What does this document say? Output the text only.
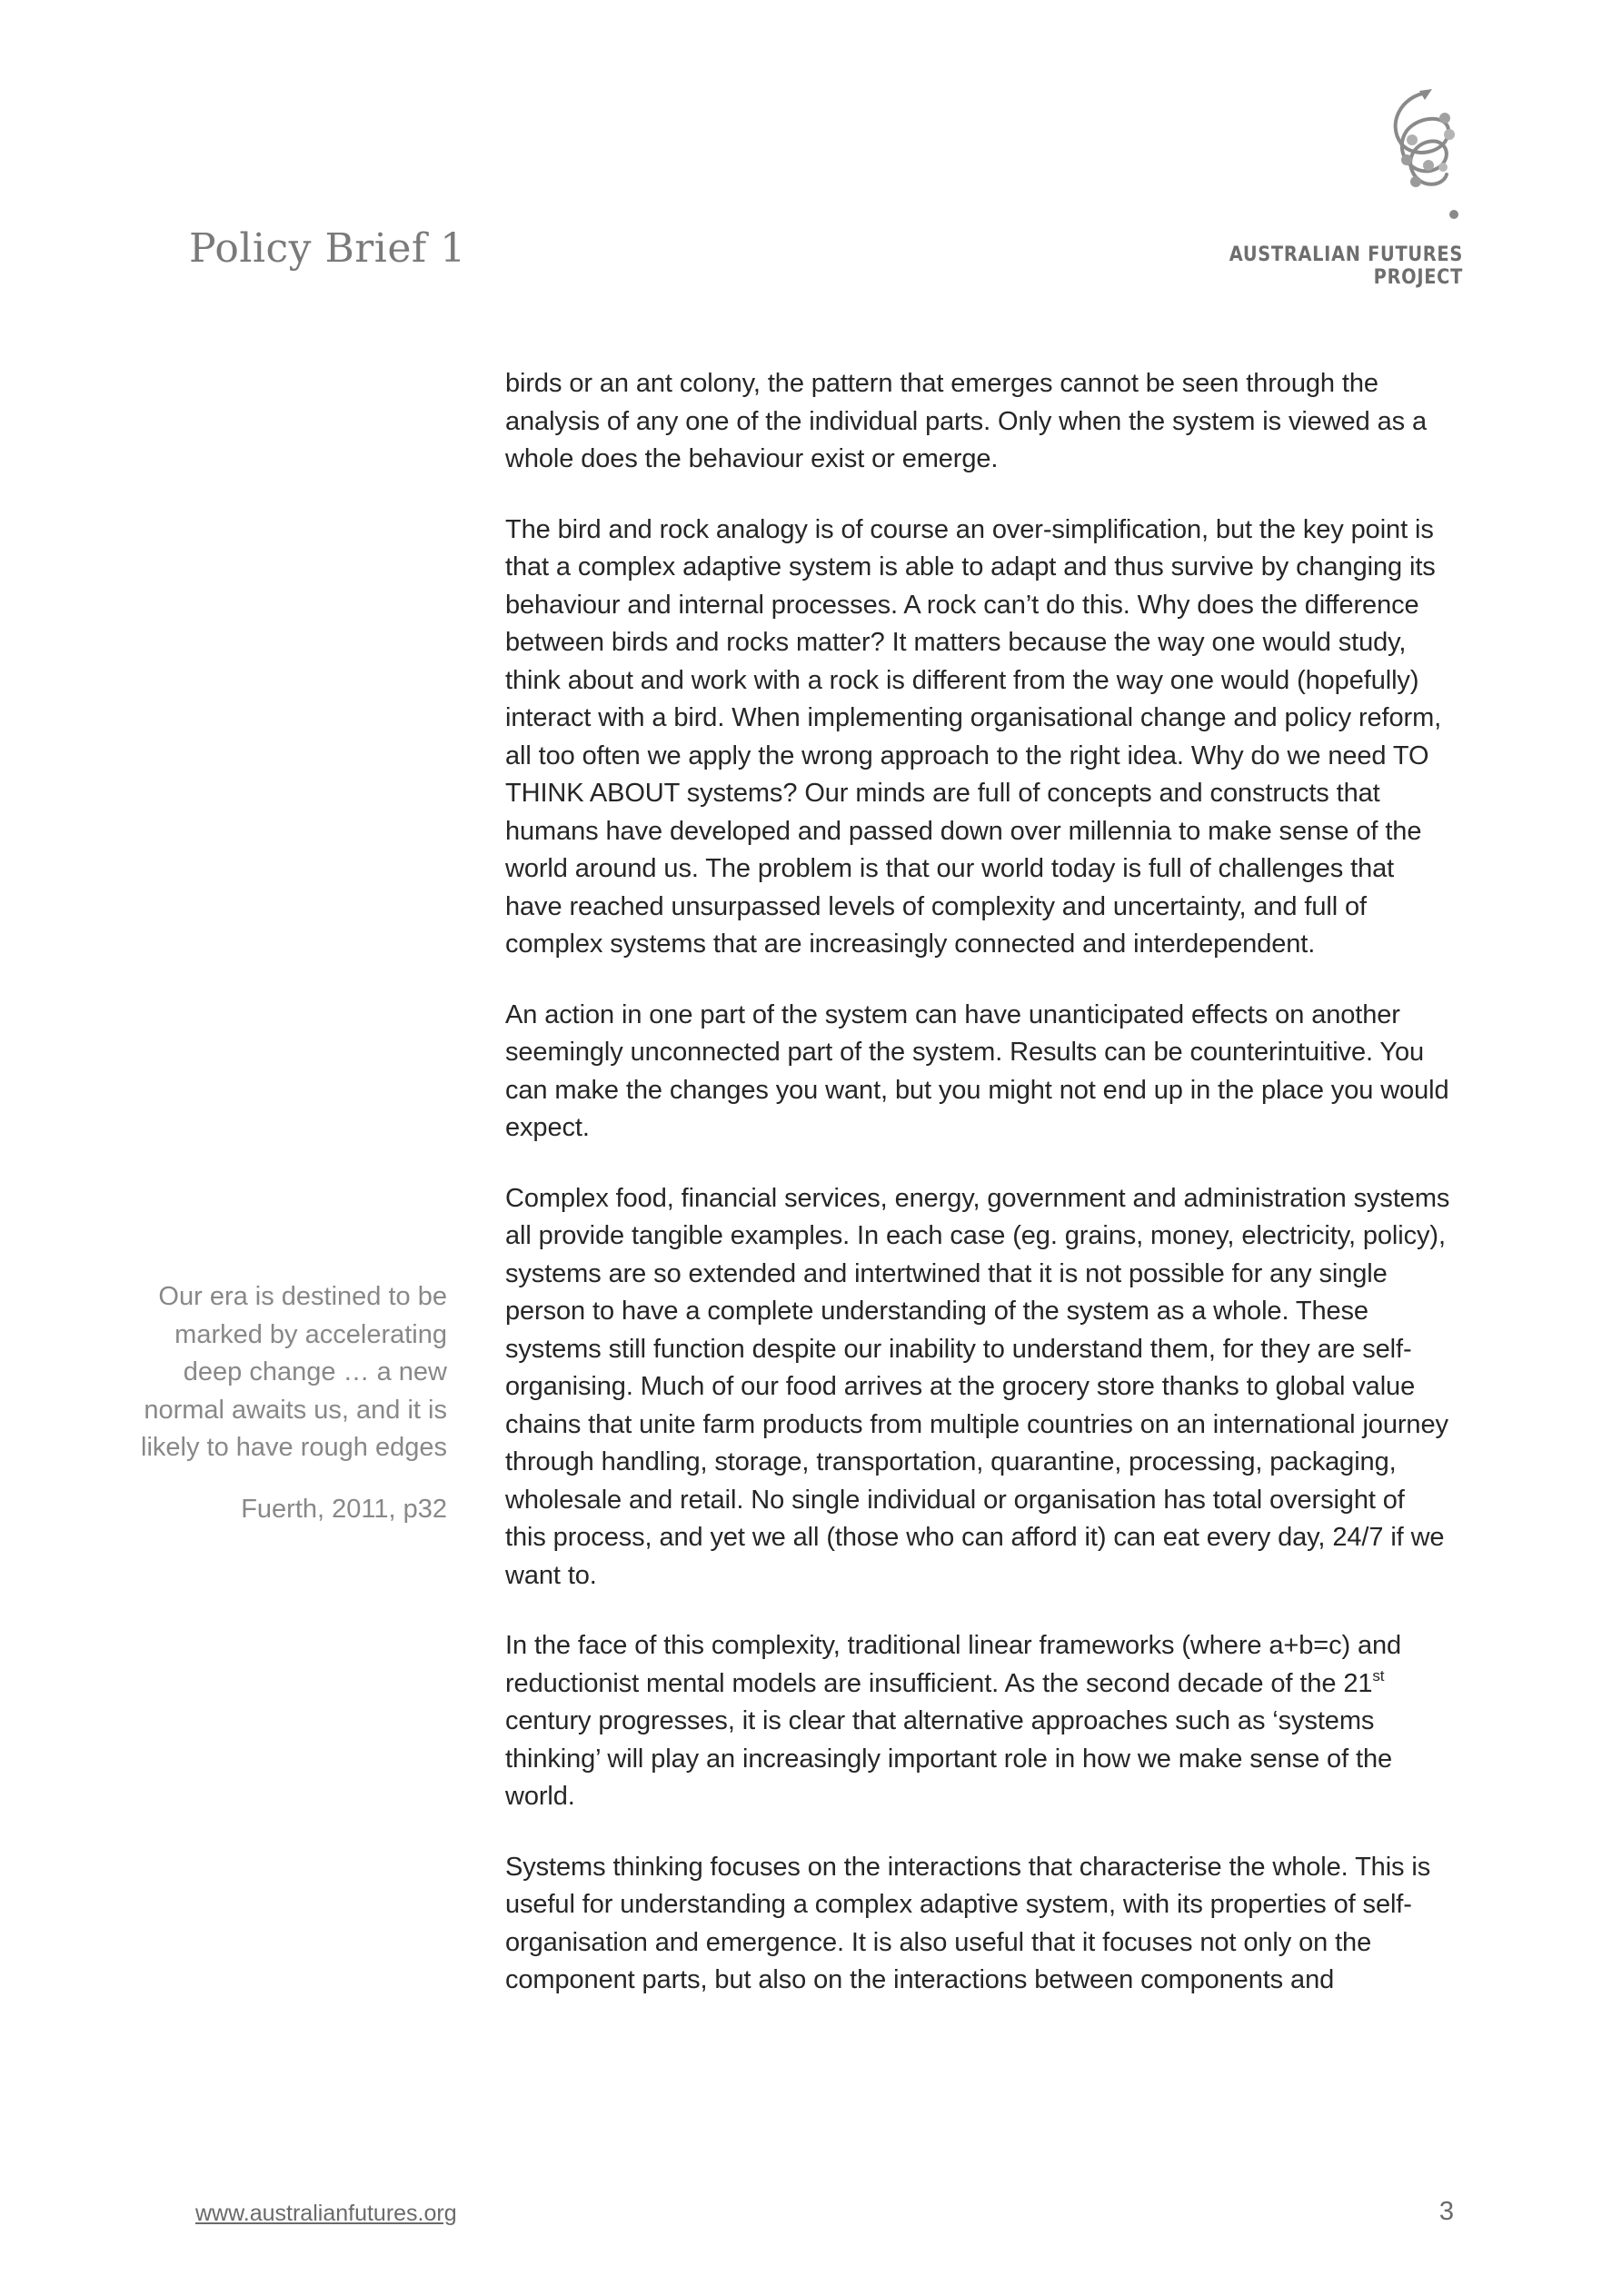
Policy Brief 1	AUSTRALIAN FUTURES PROJECT

birds or an ant colony, the pattern that emerges cannot be seen through the analysis of any one of the individual parts. Only when the system is viewed as a whole does the behaviour exist or emerge.

The bird and rock analogy is of course an over-simplification, but the key point is that a complex adaptive system is able to adapt and thus survive by changing its behaviour and internal processes. A rock can’t do this. Why does the difference between birds and rocks matter? It matters because the way one would study, think about and work with a rock is different from the way one would (hopefully) interact with a bird. When implementing organisational change and policy reform, all too often we apply the wrong approach to the right idea. Why do we need TO THINK ABOUT systems? Our minds are full of concepts and constructs that humans have developed and passed down over millennia to make sense of the world around us. The problem is that our world today is full of challenges that have reached unsurpassed levels of complexity and uncertainty, and full of complex systems that are increasingly connected and interdependent.

An action in one part of the system can have unanticipated effects on another seemingly unconnected part of the system. Results can be counterintuitive. You can make the changes you want, but you might not end up in the place you would expect.

Complex food, financial services, energy, government and administration systems all provide tangible examples. In each case (eg. grains, money, electricity, policy), systems are so extended and intertwined that it is not possible for any single person to have a complete understanding of the system as a whole. These systems still function despite our inability to understand them, for they are self-organising. Much of our food arrives at the grocery store thanks to global value chains that unite farm products from multiple countries on an international journey through handling, storage, transportation, quarantine, processing, packaging, wholesale and retail. No single individual or organisation has total oversight of this process, and yet we all (those who can afford it) can eat every day, 24/7 if we want to.

In the face of this complexity, traditional linear frameworks (where a+b=c) and reductionist mental models are insufficient. As the second decade of the 21st century progresses, it is clear that alternative approaches such as ‘systems thinking’ will play an increasingly important role in how we make sense of the world.

Systems thinking focuses on the interactions that characterise the whole. This is useful for understanding a complex adaptive system, with its properties of self-organisation and emergence. It is also useful that it focuses not only on the component parts, but also on the interactions between components and

Our era is destined to be marked by accelerating deep change … a new normal awaits us, and it is likely to have rough edges
Fuerth, 2011, p32
www.australianfutures.org	3
